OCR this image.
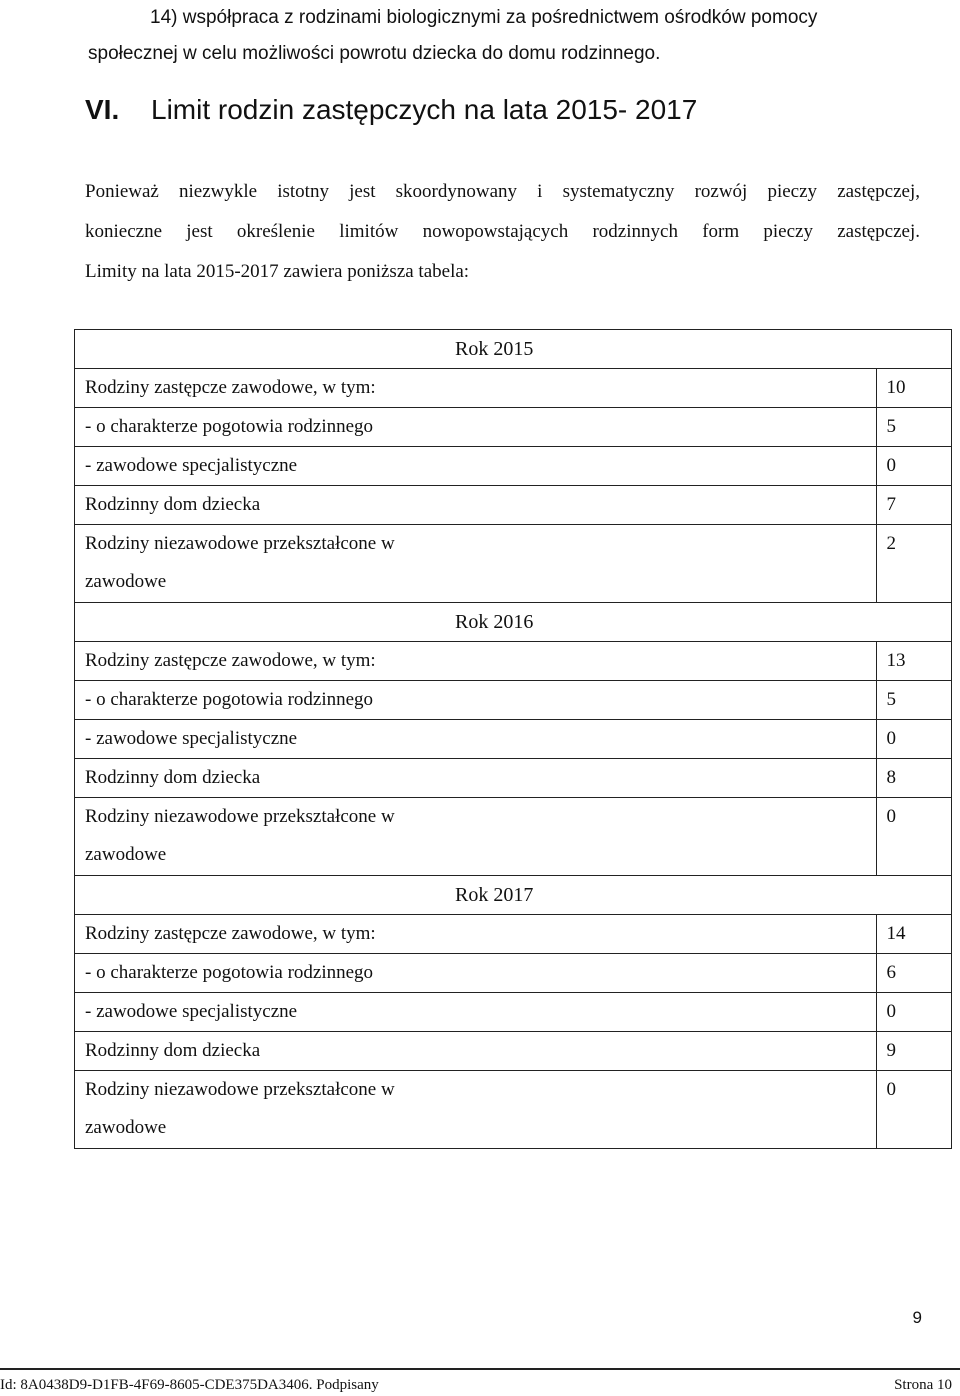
14) współpraca z rodzinami biologicznymi za pośrednictwem ośrodków pomocy
społecznej w celu możliwości powrotu dziecka do domu rodzinnego.
VI. Limit rodzin zastępczych na lata 2015- 2017
Ponieważ niezwykle istotny jest skoordynowany i systematyczny rozwój pieczy zastępczej,
konieczne jest określenie limitów nowopowstających rodzinnych form pieczy zastępczej.
Limity na lata 2015-2017 zawiera poniższa tabela:
Rok 2015	
Rodziny zastępcze zawodowe, w tym:	10
- o charakterze pogotowia rodzinnego	5
- zawodowe specjalistyczne	0
Rodzinny dom dziecka	7
Rodziny niezawodowe przekształcone w
zawodowe	2
Rok 2016	
Rodziny zastępcze zawodowe, w tym:	13
- o charakterze pogotowia rodzinnego	5
- zawodowe specjalistyczne	0
Rodzinny dom dziecka	8
Rodziny niezawodowe przekształcone w
zawodowe	0
Rok 2017	
Rodziny zastępcze zawodowe, w tym:	14
- o charakterze pogotowia rodzinnego	6
- zawodowe specjalistyczne	0
Rodzinny dom dziecka	9
Rodziny niezawodowe przekształcone w
zawodowe	0
9
Id: 8A0438D9-D1FB-4F69-8605-CDE375DA3406. Podpisany	Strona 10
